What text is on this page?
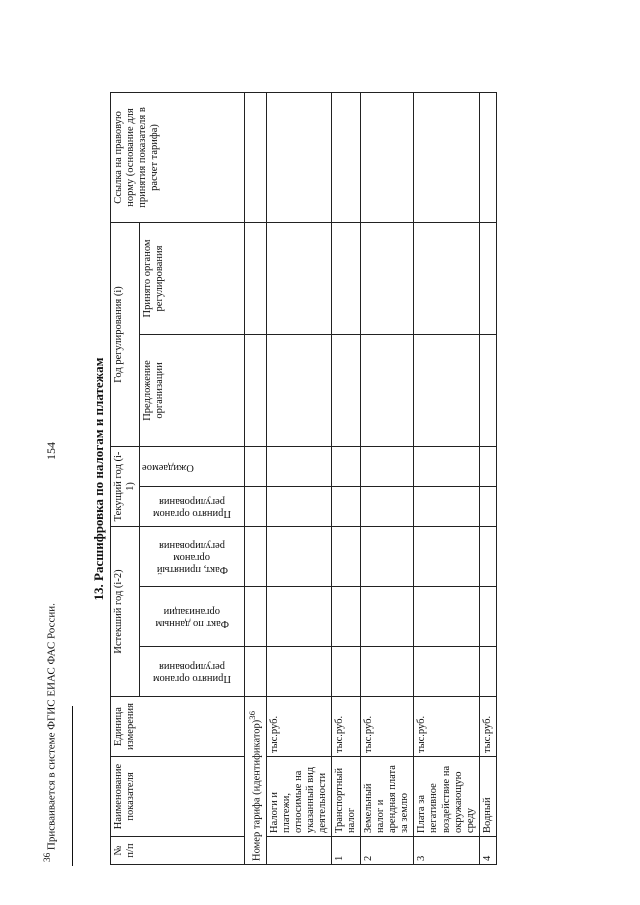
154	13. Расшифровка по налогам и платежам
№ п/п	Наименование показателя	Единица измерения	Истекший год (i-2)			Текущий год (i-1)		Год регулирования (i)		Ссылка на правовую норму (основание для принятия показателя в расчет тарифа)

			Принято органом регулирования	Факт по данным организации	Факт, принятый органом регулирования	Принято органом регулирования	Ожидаемое	Предложение организации	Принято органом регулирования	
Номер тарифа (идентификатор)$^{36}$								
	Налоги и платежи, относимые на указанный вид деятельности	тыс.руб.								
1	Транспортный налог	тыс.руб.								
2	Земельный налог и арендная плата за землю	тыс.руб.								
3	Плата за негативное воздействие на окружающую среду	тыс.руб.								
4	Водный	тыс.руб.								
$^{36}$ Присваивается в системе ФГИС ЕИАС ФАС России.
